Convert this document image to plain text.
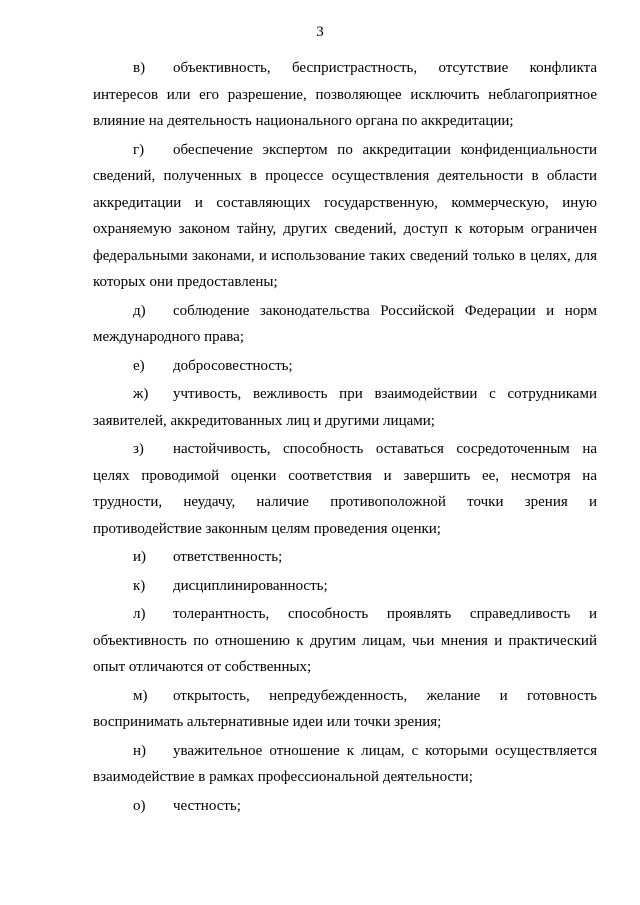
3

в) объективность, беспристрастность, отсутствие конфликта интересов или его разрешение, позволяющее исключить неблагоприятное влияние на деятельность национального органа по аккредитации;

г) обеспечение экспертом по аккредитации конфиденциальности сведений, полученных в процессе осуществления деятельности в области аккредитации и составляющих государственную, коммерческую, иную охраняемую законом тайну, других сведений, доступ к которым ограничен федеральными законами, и использование таких сведений только в целях, для которых они предоставлены;

д) соблюдение законодательства Российской Федерации и норм международного права;

е) добросовестность;

ж) учтивость, вежливость при взаимодействии с сотрудниками заявителей, аккредитованных лиц и другими лицами;

з) настойчивость, способность оставаться сосредоточенным на целях проводимой оценки соответствия и завершить ее, несмотря на трудности, неудачу, наличие противоположной точки зрения и противодействие законным целям проведения оценки;

и) ответственность;

к) дисциплинированность;

л) толерантность, способность проявлять справедливость и объективность по отношению к другим лицам, чьи мнения и практический опыт отличаются от собственных;

м) открытость, непредубежденность, желание и готовность воспринимать альтернативные идеи или точки зрения;

н) уважительное отношение к лицам, с которыми осуществляется взаимодействие в рамках профессиональной деятельности;

о) честность;
